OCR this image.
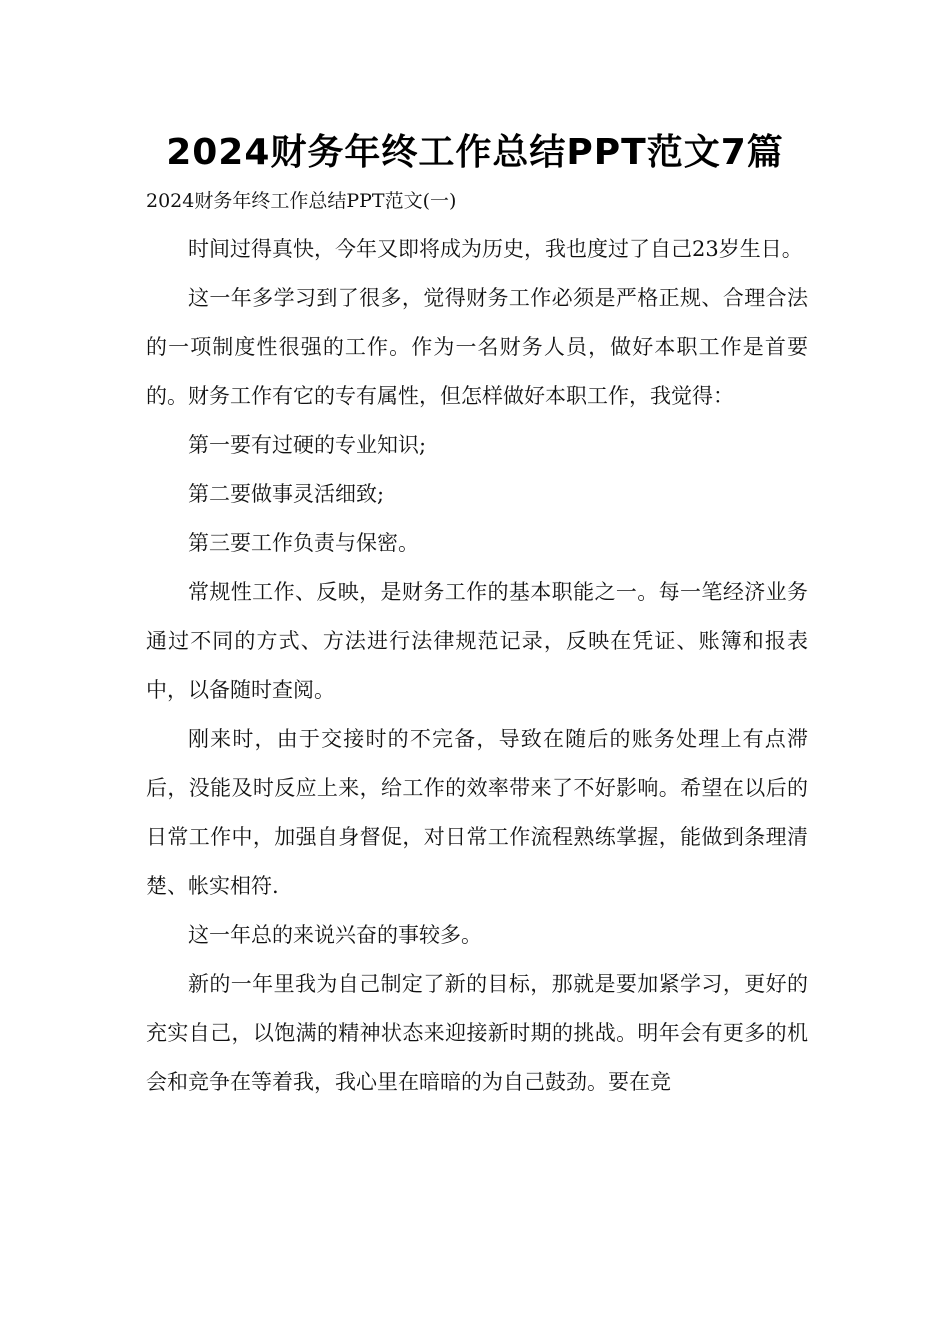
2024财务年终工作总结PPT范文7篇

2024财务年终工作总结PPT范文(一)

时间过得真快，今年又即将成为历史，我也度过了自己23岁生日。

这一年多学习到了很多，觉得财务工作必须是严格正规、合理合法的一项制度性很强的工作。作为一名财务人员，做好本职工作是首要的。财务工作有它的专有属性，但怎样做好本职工作，我觉得：

第一要有过硬的专业知识;

第二要做事灵活细致;

第三要工作负责与保密。

常规性工作、反映，是财务工作的基本职能之一。每一笔经济业务通过不同的方式、方法进行法律规范记录，反映在凭证、账簿和报表中，以备随时查阅。

刚来时，由于交接时的不完备，导致在随后的账务处理上有点滞后，没能及时反应上来，给工作的效率带来了不好影响。希望在以后的日常工作中，加强自身督促，对日常工作流程熟练掌握，能做到条理清楚、帐实相符.

这一年总的来说兴奋的事较多。

新的一年里我为自己制定了新的目标，那就是要加紧学习，更好的充实自己，以饱满的精神状态来迎接新时期的挑战。明年会有更多的机会和竞争在等着我，我心里在暗暗的为自己鼓劲。要在竞
